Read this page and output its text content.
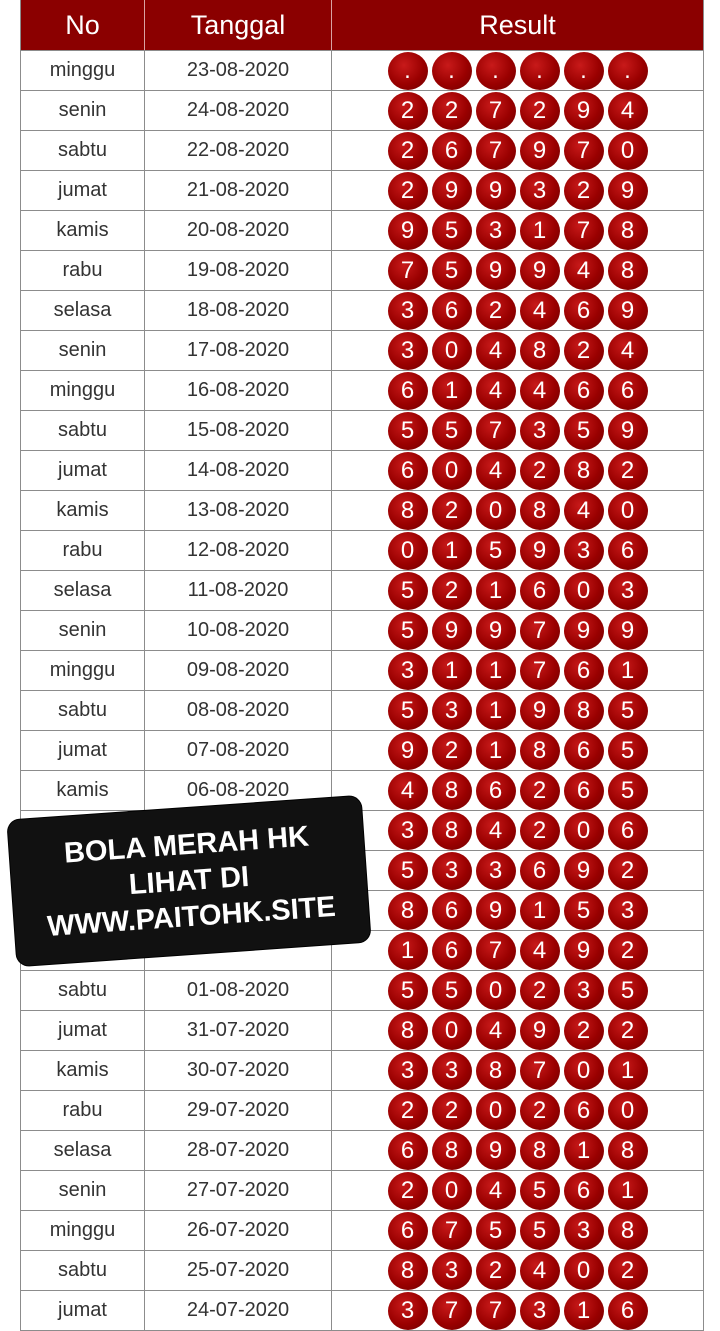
No	Tanggal	Result
minggu	23-08-2020	.	.	.	.	.	.
senin	24-08-2020	2	2	7	2	9	4
sabtu	22-08-2020	2	6	7	9	7	0
jumat	21-08-2020	2	9	9	3	2	9
kamis	20-08-2020	9	5	3	1	7	8
rabu	19-08-2020	7	5	9	9	4	8
selasa	18-08-2020	3	6	2	4	6	9
senin	17-08-2020	3	0	4	8	2	4
minggu	16-08-2020	6	1	4	4	6	6
sabtu	15-08-2020	5	5	7	3	5	9
jumat	14-08-2020	6	0	4	2	8	2
kamis	13-08-2020	8	2	0	8	4	0
rabu	12-08-2020	0	1	5	9	3	6
selasa	11-08-2020	5	2	1	6	0	3
senin	10-08-2020	5	9	9	7	9	9
minggu	09-08-2020	3	1	1	7	6	1
sabtu	08-08-2020	5	3	1	9	8	5
jumat	07-08-2020	9	2	1	8	6	5
kamis	06-08-2020	4	8	6	2	6	5
3	8	4	2	0	6
5	3	3	6	9	2
8	6	9	1	5	3
1	6	7	4	9	2
sabtu	01-08-2020	5	5	0	2	3	5
jumat	31-07-2020	8	0	4	9	2	2
kamis	30-07-2020	3	3	8	7	0	1
rabu	29-07-2020	2	2	0	2	6	0
selasa	28-07-2020	6	8	9	8	1	8
senin	27-07-2020	2	0	4	5	6	1
minggu	26-07-2020	6	7	5	5	3	8
sabtu	25-07-2020	8	3	2	4	0	2
jumat	24-07-2020	3	7	7	3	1	6
BOLA MERAH HK
LIHAT DI
WWW.PAITOHK.SITE
